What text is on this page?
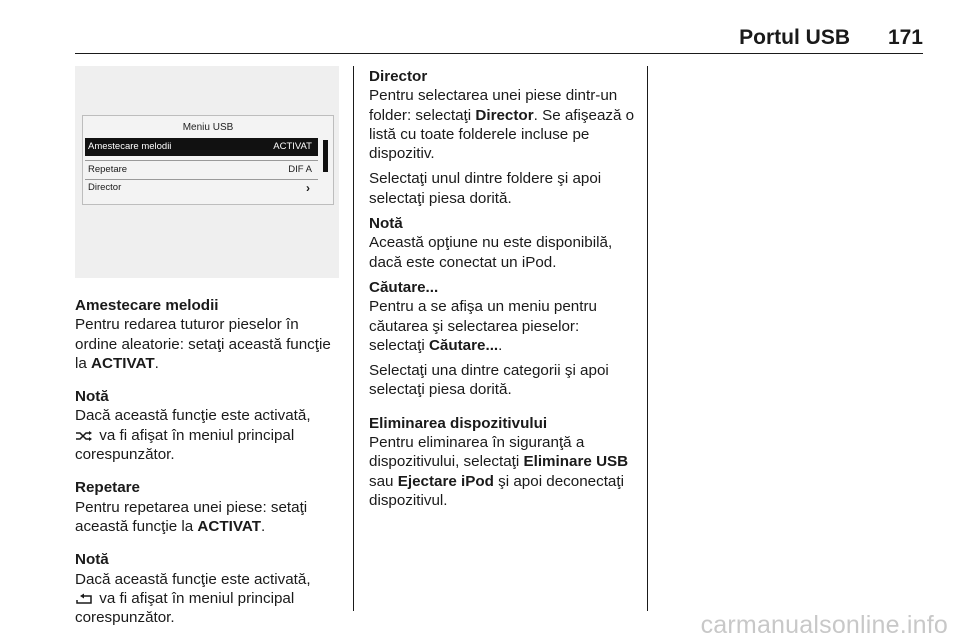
Portul USB 171
Meniu USB
Amestecare melodii	ACTIVAT
Repetare	DIF A
Director	›

Amestecare melodii
Pentru redarea tuturor pieselor în ordine aleatorie: setaţi această funcţie la ACTIVAT.

Notă
Dacă această funcţie este activată,
va fi afişat în meniul principal corespunzător.

Repetare
Pentru repetarea unei piese: setaţi această funcţie la ACTIVAT.

Notă
Dacă această funcţie este activată,
va fi afişat în meniul principal corespunzător.

Director
Pentru selectarea unei piese dintr-un folder: selectaţi Director. Se afişează o listă cu toate folderele incluse pe dispozitiv.

Selectaţi unul dintre foldere şi apoi selectaţi piesa dorită.

Notă
Această opţiune nu este disponibilă, dacă este conectat un iPod.

Căutare...
Pentru a se afişa un meniu pentru căutarea şi selectarea pieselor: selectaţi Căutare....

Selectaţi una dintre categorii şi apoi selectaţi piesa dorită.

Eliminarea dispozitivului
Pentru eliminarea în siguranţă a dispozitivului, selectaţi Eliminare USB sau Ejectare iPod şi apoi deconectaţi dispozitivul.

carmanualsonline.info
